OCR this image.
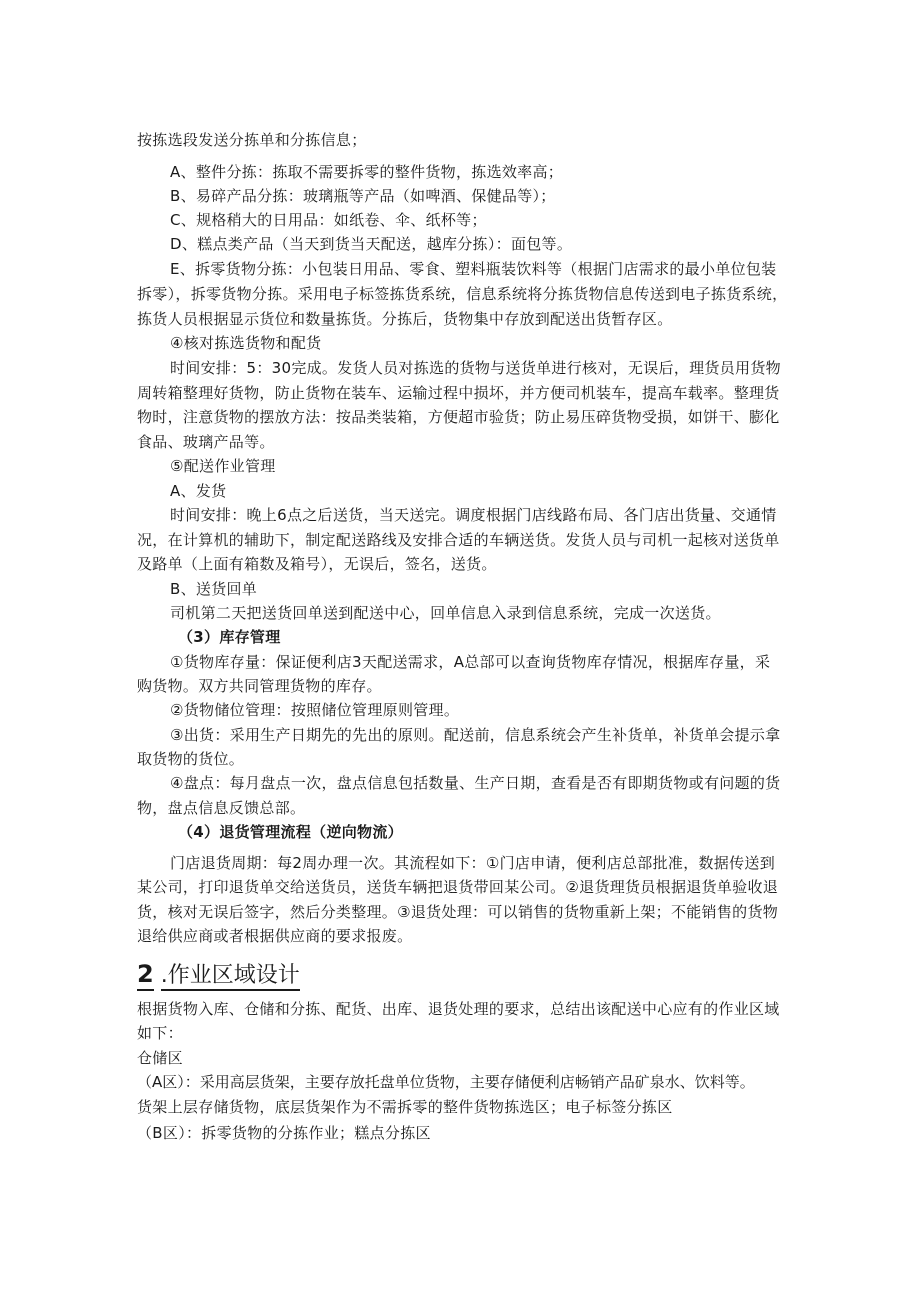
按拣选段发送分拣单和分拣信息；
A、整件分拣：拣取不需要拆零的整件货物，拣选效率高；
B、易碎产品分拣：玻璃瓶等产品（如啤酒、保健品等）；
C、规格稍大的日用品：如纸卷、伞、纸杯等；
D、糕点类产品（当天到货当天配送，越库分拣）：面包等。
E、拆零货物分拣：小包装日用品、零食、塑料瓶装饮料等（根据门店需求的最小单位包装
拆零），拆零货物分拣。采用电子标签拣货系统，信息系统将分拣货物信息传送到电子拣货系统，
拣货人员根据显示货位和数量拣货。分拣后，货物集中存放到配送出货暂存区。
④核对拣选货物和配货
时间安排：5：30完成。发货人员对拣选的货物与送货单进行核对，无误后，理货员用货物
周转箱整理好货物，防止货物在装车、运输过程中损坏，并方便司机装车，提高车载率。整理货
物时，注意货物的摆放方法：按品类装箱，方便超市验货；防止易压碎货物受损，如饼干、膨化
食品、玻璃产品等。
⑤配送作业管理
A、发货
时间安排：晚上6点之后送货，当天送完。调度根据门店线路布局、各门店出货量、交通情
况，在计算机的辅助下，制定配送路线及安排合适的车辆送货。发货人员与司机一起核对送货单
及路单（上面有箱数及箱号），无误后，签名，送货。
B、送货回单
司机第二天把送货回单送到配送中心，回单信息入录到信息系统，完成一次送货。
（3）库存管理
①货物库存量：保证便利店3天配送需求，A总部可以查询货物库存情况，根据库存量，采
购货物。双方共同管理货物的库存。
②货物储位管理：按照储位管理原则管理。
③出货：采用生产日期先的先出的原则。配送前，信息系统会产生补货单，补货单会提示拿
取货物的货位。
④盘点：每月盘点一次，盘点信息包括数量、生产日期，查看是否有即期货物或有问题的货
物，盘点信息反馈总部。
（4）退货管理流程（逆向物流）
门店退货周期：每2周办理一次。其流程如下：①门店申请，便利店总部批准，数据传送到
某公司，打印退货单交给送货员，送货车辆把退货带回某公司。②退货理货员根据退货单验收退
货，核对无误后签字，然后分类整理。③退货处理：可以销售的货物重新上架；不能销售的货物
退给供应商或者根据供应商的要求报废。
2 .作业区域设计
根据货物入库、仓储和分拣、配货、出库、退货处理的要求，总结出该配送中心应有的作业区域
如下：
仓储区
（A区）：采用高层货架，主要存放托盘单位货物，主要存储便利店畅销产品矿泉水、饮料等。
货架上层存储货物，底层货架作为不需拆零的整件货物拣选区；电子标签分拣区
（B区）：拆零货物的分拣作业；糕点分拣区
